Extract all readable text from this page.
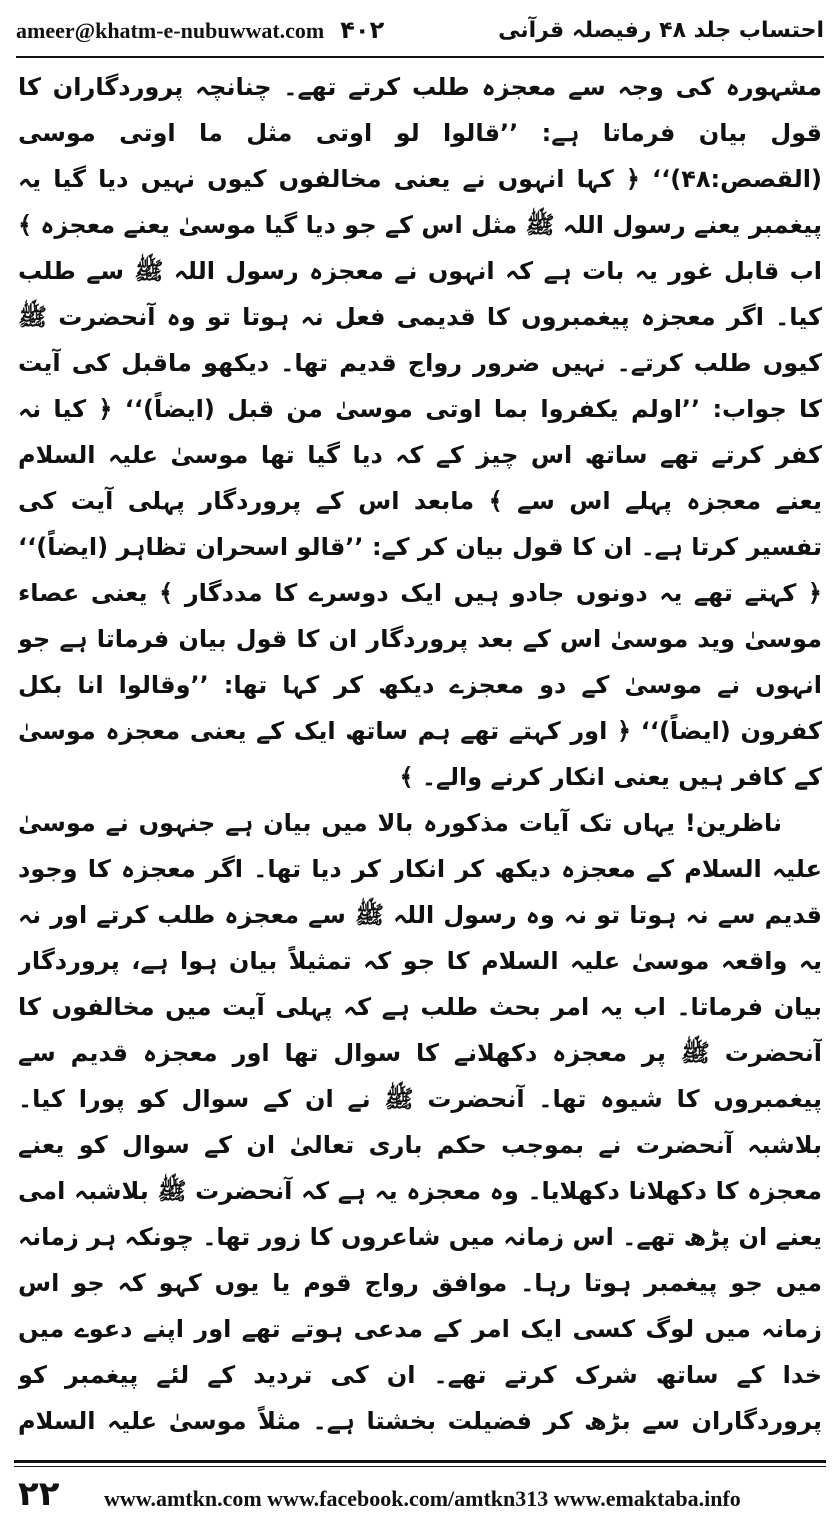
ameer@khatm-e-nubuwwat.com ۴۰۲	احتساب جلد ۴۸ رفیصلہ قرآنی

مشہورہ کی وجہ سے معجزہ طلب کرتے تھے۔ چنانچہ پروردگاران کا قول بیان فرماتا ہے: ’’قالوا لو اوتی مثل ما اوتی موسی (القصص:۴۸)‘‘ ﴿ کہا انہوں نے یعنی مخالفوں کیوں نہیں دیا گیا یہ پیغمبر یعنے رسول اللہ ﷺ مثل اس کے جو دیا گیا موسیٰ یعنے معجزہ ﴾ اب قابل غور یہ بات ہے کہ انہوں نے معجزہ رسول اللہ ﷺ سے طلب کیا۔ اگر معجزہ پیغمبروں کا قدیمی فعل نہ ہوتا تو وہ آنحضرت ﷺ کیوں طلب کرتے۔ نہیں ضرور رواج قدیم تھا۔ دیکھو ماقبل کی آیت کا جواب: ’’اولم یکفروا بما اوتی موسیٰ من قبل (ایضاً)‘‘ ﴿ کیا نہ کفر کرتے تھے ساتھ اس چیز کے کہ دیا گیا تھا موسیٰ علیہ السلام یعنے معجزہ پہلے اس سے ﴾ مابعد اس کے پروردگار پہلی آیت کی تفسیر کرتا ہے۔ ان کا قول بیان کر کے: ’’قالو اسحران تظاہر (ایضاً)‘‘ ﴿ کہتے تھے یہ دونوں جادو ہیں ایک دوسرے کا مددگار ﴾ یعنی عصاء موسیٰ وید موسیٰ اس کے بعد پروردگار ان کا قول بیان فرماتا ہے جو انہوں نے موسیٰ کے دو معجزے دیکھ کر کہا تھا: ’’وقالوا انا بکل کفرون (ایضاً)‘‘ ﴿ اور کہتے تھے ہم ساتھ ایک کے یعنی معجزہ موسیٰ کے کافر ہیں یعنی انکار کرنے والے۔ ﴾

ناظرین! یہاں تک آیات مذکورہ بالا میں بیان ہے جنہوں نے موسیٰ علیہ السلام کے معجزہ دیکھ کر انکار کر دیا تھا۔ اگر معجزہ کا وجود قدیم سے نہ ہوتا تو نہ وہ رسول اللہ ﷺ سے معجزہ طلب کرتے اور نہ یہ واقعہ موسیٰ علیہ السلام کا جو کہ تمثیلاً بیان ہوا ہے، پروردگار بیان فرماتا۔ اب یہ امر بحث طلب ہے کہ پہلی آیت میں مخالفوں کا آنحضرت ﷺ پر معجزہ دکھلانے کا سوال تھا اور معجزہ قدیم سے پیغمبروں کا شیوہ تھا۔ آنحضرت ﷺ نے ان کے سوال کو پورا کیا۔ بلاشبہ آنحضرت نے بموجب حکم باری تعالیٰ ان کے سوال کو یعنے معجزہ کا دکھلانا دکھلایا۔ وہ معجزہ یہ ہے کہ آنحضرت ﷺ بلاشبہ امی یعنے ان پڑھ تھے۔ اس زمانہ میں شاعروں کا زور تھا۔ چونکہ ہر زمانہ میں جو پیغمبر ہوتا رہا۔ موافق رواج قوم یا یوں کہو کہ جو اس زمانہ میں لوگ کسی ایک امر کے مدعی ہوتے تھے اور اپنے دعوے میں خدا کے ساتھ شرک کرتے تھے۔ ان کی تردید کے لئے پیغمبر کو پروردگاران سے بڑھ کر فضیلت بخشتا ہے۔ مثلاً موسیٰ علیہ السلام

۲۲ www.amtkn.com www.facebook.com/amtkn313 www.emaktaba.info
